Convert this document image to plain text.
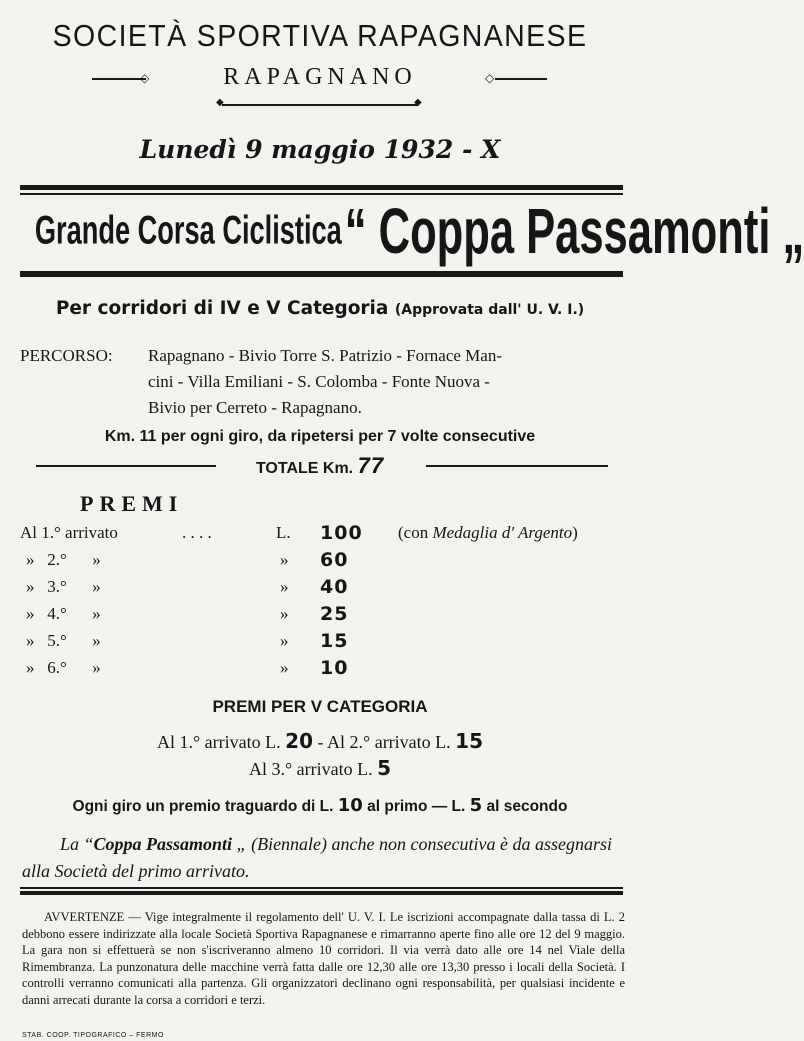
SOCIETÀ SPORTIVA RAPAGNANESE
◇	RAPAGNANO	◇
◆	◆
Lunedì 9 maggio 1932 - X
Grande Corsa Ciclistica “ Coppa Passamonti „
Per corridori di IV e V Categoria (Approvata dall' U. V. I.)
PERCORSO: Rapagnano - Bivio Torre S. Patrizio - Fornace Man-
cini - Villa Emiliani - S. Colomba - Fonte Nuova -
Bivio per Cerreto - Rapagnano.
Km. 11 per ogni giro, da ripetersi per 7 volte consecutive
TOTALE Km. 77
PREMI
Al 1.° arrivato	. . . .	L. 100 (con Medaglia d' Argento)
»   2.°      »	» 60
»   3.°      »	» 40
»   4.°      »	» 25
»   5.°      »	» 15
»   6.°      »	» 10
PREMI PER V CATEGORIA
Al 1.° arrivato L. 20 - Al 2.° arrivato L. 15
Al 3.° arrivato L. 5
Ogni giro un premio traguardo di L. 10 al primo — L. 5 al secondo
La “Coppa Passamonti „ (Biennale) anche non consecutiva è da assegnarsi alla Società del primo arrivato.
AVVERTENZE — Vige integralmente il regolamento dell' U. V. I. Le iscrizioni accompagnate dalla tassa di L. 2 debbono essere indirizzate alla locale Società Sportiva Rapagnanese e rimarranno aperte fino alle ore 12 del 9 maggio. La gara non si effettuerà se non s'iscriveranno almeno 10 corridori. Il via verrà dato alle ore 14 nel Viale della Rimembranza. La punzonatura delle macchine verrà fatta dalle ore 12,30 alle ore 13,30 presso i locali della Società. I controlli verranno comunicati alla partenza. Gli organizzatori declinano ogni responsabilità, per qualsiasi incidente e danni arrecati durante la corsa a corridori e terzi.
STAB. COOP. TIPOGRAFICO – FERMO
